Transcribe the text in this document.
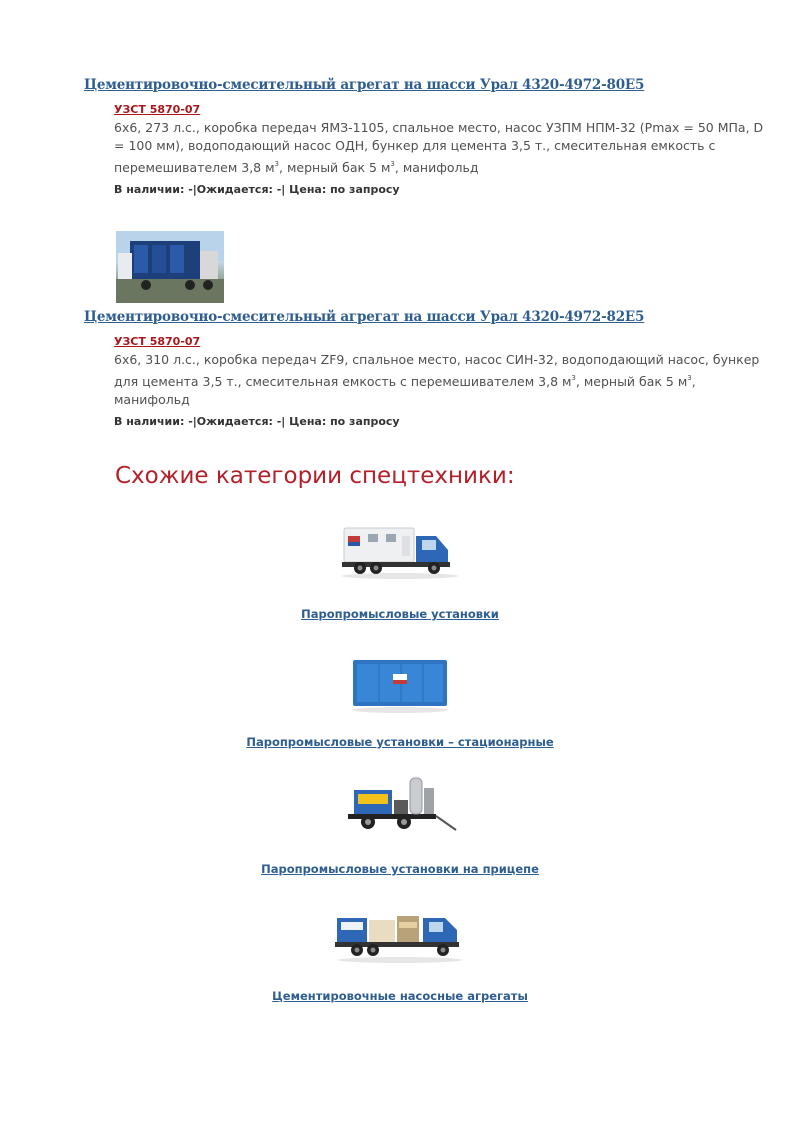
Цементировочно-смесительный агрегат на шасси Урал 4320-4972-80Е5
УЗСТ 5870-07
6х6, 273 л.с., коробка передач ЯМЗ-1105, спальное место, насос УЗПМ НПМ-32 (Pmax = 50 МПа, D = 100 мм), водоподающий насос ОДН, бункер для цемента 3,5 т., смесительная емкость с перемешивателем 3,8 $м^3$, мерный бак 5 $м^3$, манифольд
В наличии: -|Ожидается: -| Цена: по запросу
Цементировочно-смесительный агрегат на шасси Урал 4320-4972-82Е5
УЗСТ 5870-07
6х6, 310 л.с., коробка передач ZF9, спальное место, насос СИН-32, водоподающий насос, бункер для цемента 3,5 т., смесительная емкость с перемешивателем 3,8 $м^3$, мерный бак 5 $м^3$, манифольд
В наличии: -|Ожидается: -| Цена: по запросу
Схожие категории спецтехники:
Паропромысловые установки
Паропромысловые установки – стационарные
Паропромысловые установки на прицепе
Цементировочные насосные агрегаты
